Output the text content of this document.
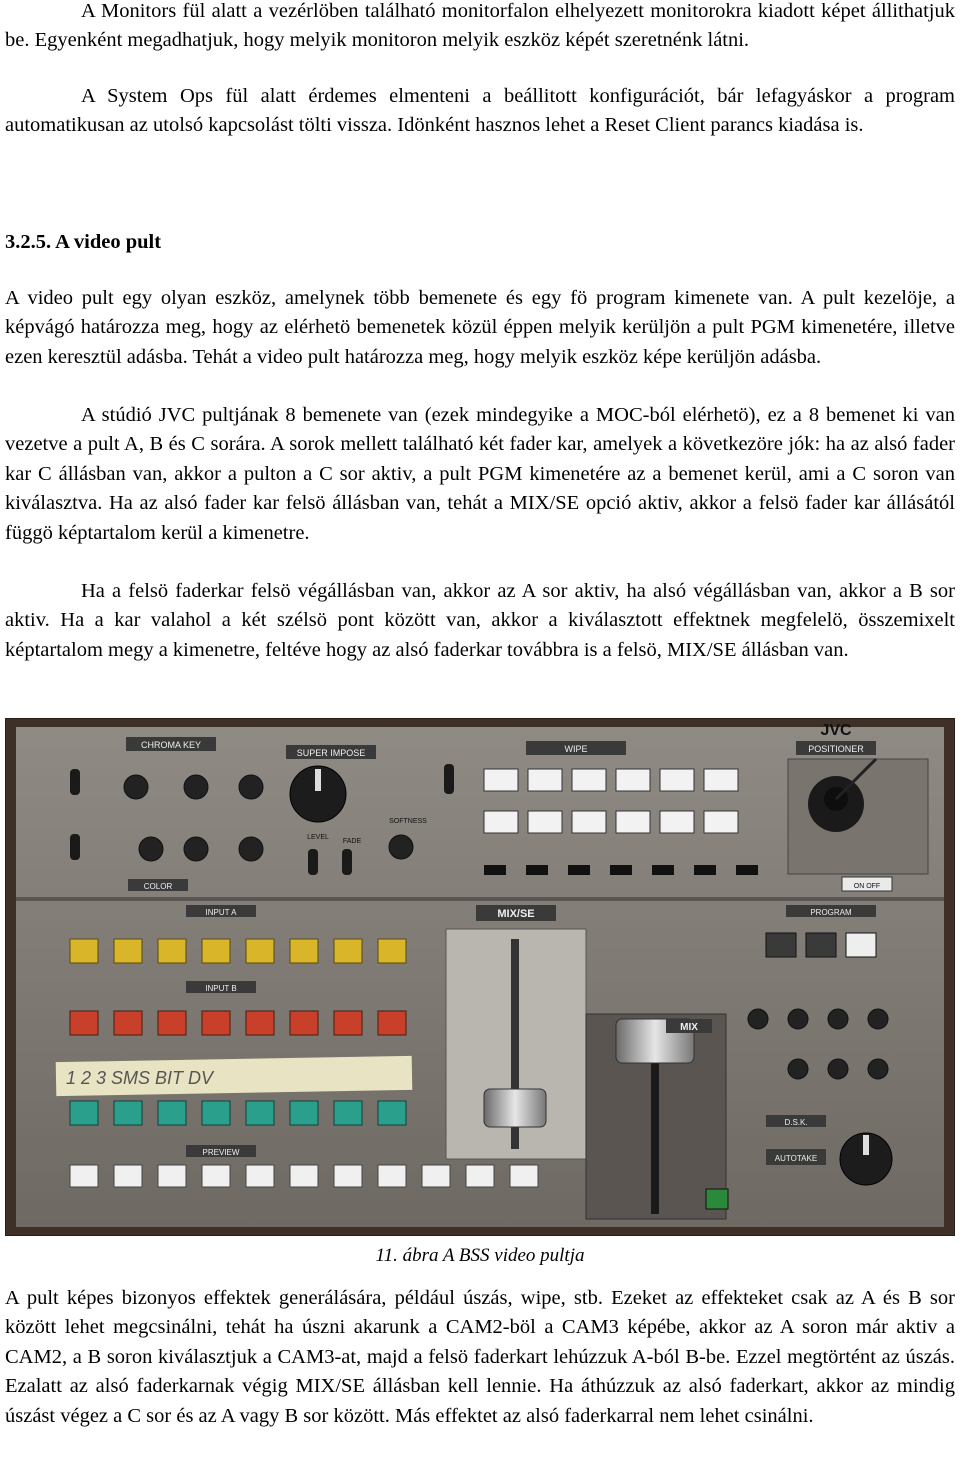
A Monitors fül alatt a vezérlöben található monitorfalon elhelyezett monitorokra kiadott képet állithatjuk be. Egyenként megadhatjuk, hogy melyik monitoron melyik eszköz képét szeretnénk látni.

A System Ops fül alatt érdemes elmenteni a beállitott konfigurációt, bár lefagyáskor a program automatikusan az utolsó kapcsolást tölti vissza. Idönként hasznos lehet a Reset Client parancs kiadása is.

3.2.5. A video pult

A video pult egy olyan eszköz, amelynek több bemenete és egy fö program kimenete van. A pult kezelöje, a képvágó határozza meg, hogy az elérhetö bemenetek közül éppen melyik kerüljön a pult PGM kimenetére, illetve ezen keresztül adásba. Tehát a video pult határozza meg, hogy melyik eszköz képe kerüljön adásba.

A stúdió JVC pultjának 8 bemenete van (ezek mindegyike a MOC-ból elérhetö), ez a 8 bemenet ki van vezetve a pult A, B és C sorára. A sorok mellett található két fader kar, amelyek a következöre jók: ha az alsó fader kar C állásban van, akkor a pulton a C sor aktiv, a pult PGM kimenetére az a bemenet kerül, ami a C soron van kiválasztva. Ha az alsó fader kar felsö állásban van, tehát a MIX/SE opció aktiv, akkor a felsö fader kar állásától függö képtartalom kerül a kimenetre.

Ha a felsö faderkar felsö végállásban van, akkor az A sor aktiv, ha alsó végállásban van, akkor a B sor aktiv. Ha a kar valahol a két szélsö pont között van, akkor a kiválasztott effektnek megfelelö, összemixelt képtartalom megy a kimenetre, feltéve hogy az alsó faderkar továbbra is a felsö, MIX/SE állásban van.

CHROMA KEY
SUPER IMPOSE	WIPE	POSITIONER
JVC
COLOR
LEVEL
FADE
SOFTNESS
ON OFF
INPUT A
INPUT B
1 2 3 SMS BIT DV
PREVIEW
MIX/SE
MIX
PROGRAM
D.S.K.
AUTOTAKE
11. ábra A BSS video pultja

A pult képes bizonyos effektek generálására, például úszás, wipe, stb. Ezeket az effekteket csak az A és B sor között lehet megcsinálni, tehát ha úszni akarunk a CAM2-böl a CAM3 képébe, akkor az A soron már aktiv a CAM2, a B soron kiválasztjuk a CAM3-at, majd a felsö faderkart lehúzzuk A-ból B-be. Ezzel megtörtént az úszás. Ezalatt az alsó faderkarnak végig MIX/SE állásban kell lennie. Ha áthúzzuk az alsó faderkart, akkor az mindig úszást végez a C sor és az A vagy B sor között. Más effektet az alsó faderkarral nem lehet csinálni.
